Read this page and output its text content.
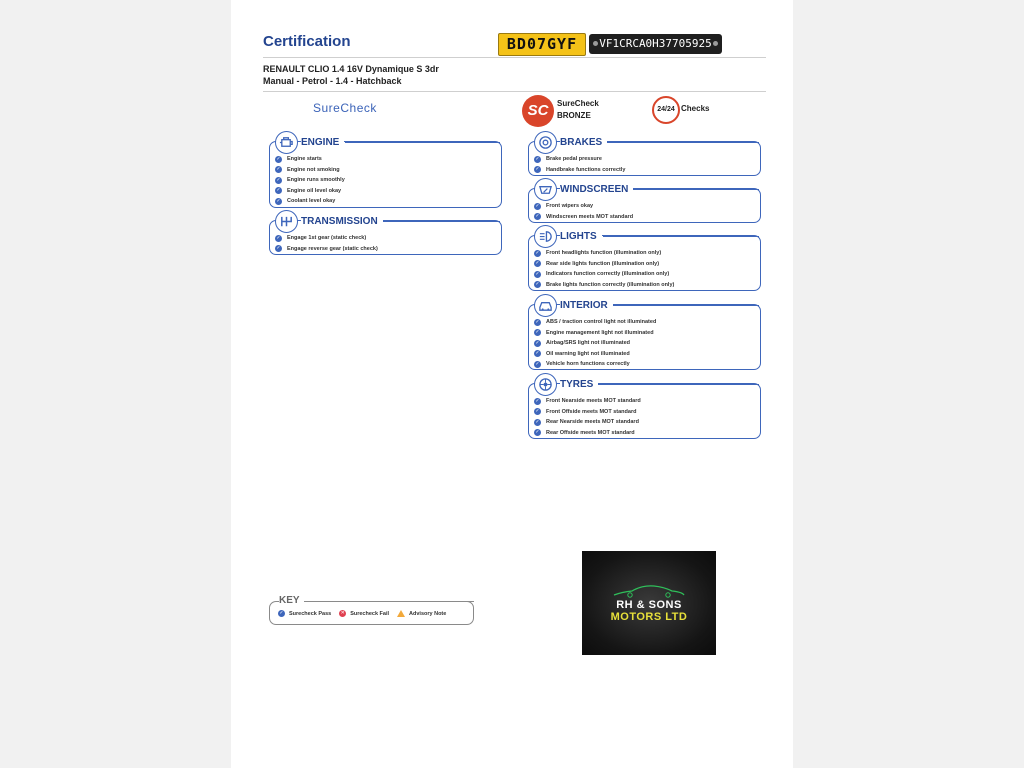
Certification	BD07GYF	VF1CRCA0H37705925
RENAULT CLIO 1.4 16V Dynamique S 3dr
Manual - Petrol - 1.4 - Hatchback
SureCheck	SC	SureCheck
BRONZE
24/24 Checks
ENGINE
✓ Engine starts
✓ Engine not smoking
✓ Engine runs smoothly
✓ Engine oil level okay
✓ Coolant level okay
TRANSMISSION
✓ Engage 1st gear (static check)
✓ Engage reverse gear (static check)
BRAKES
✓ Brake pedal pressure
✓ Handbrake functions correctly
WINDSCREEN
✓ Front wipers okay
✓ Windscreen meets MOT standard
LIGHTS
✓ Front headlights function (illumination only)
✓ Rear side lights function (illumination only)
✓ Indicators function correctly (illumination only)
✓ Brake lights function correctly (illumination only)
INTERIOR
✓ ABS / traction control light not illuminated
✓ Engine management light not illuminated
✓ Airbag/SRS light not illuminated
✓ Oil warning light not illuminated
✓ Vehicle horn functions correctly
TYRES
✓ Front Nearside meets MOT standard
✓ Front Offside meets MOT standard
✓ Rear Nearside meets MOT standard
✓ Rear Offside meets MOT standard
KEY
✓ Surecheck Pass ✕ Surecheck Fail	Advisory Note
RH & SONS
MOTORS LTD
